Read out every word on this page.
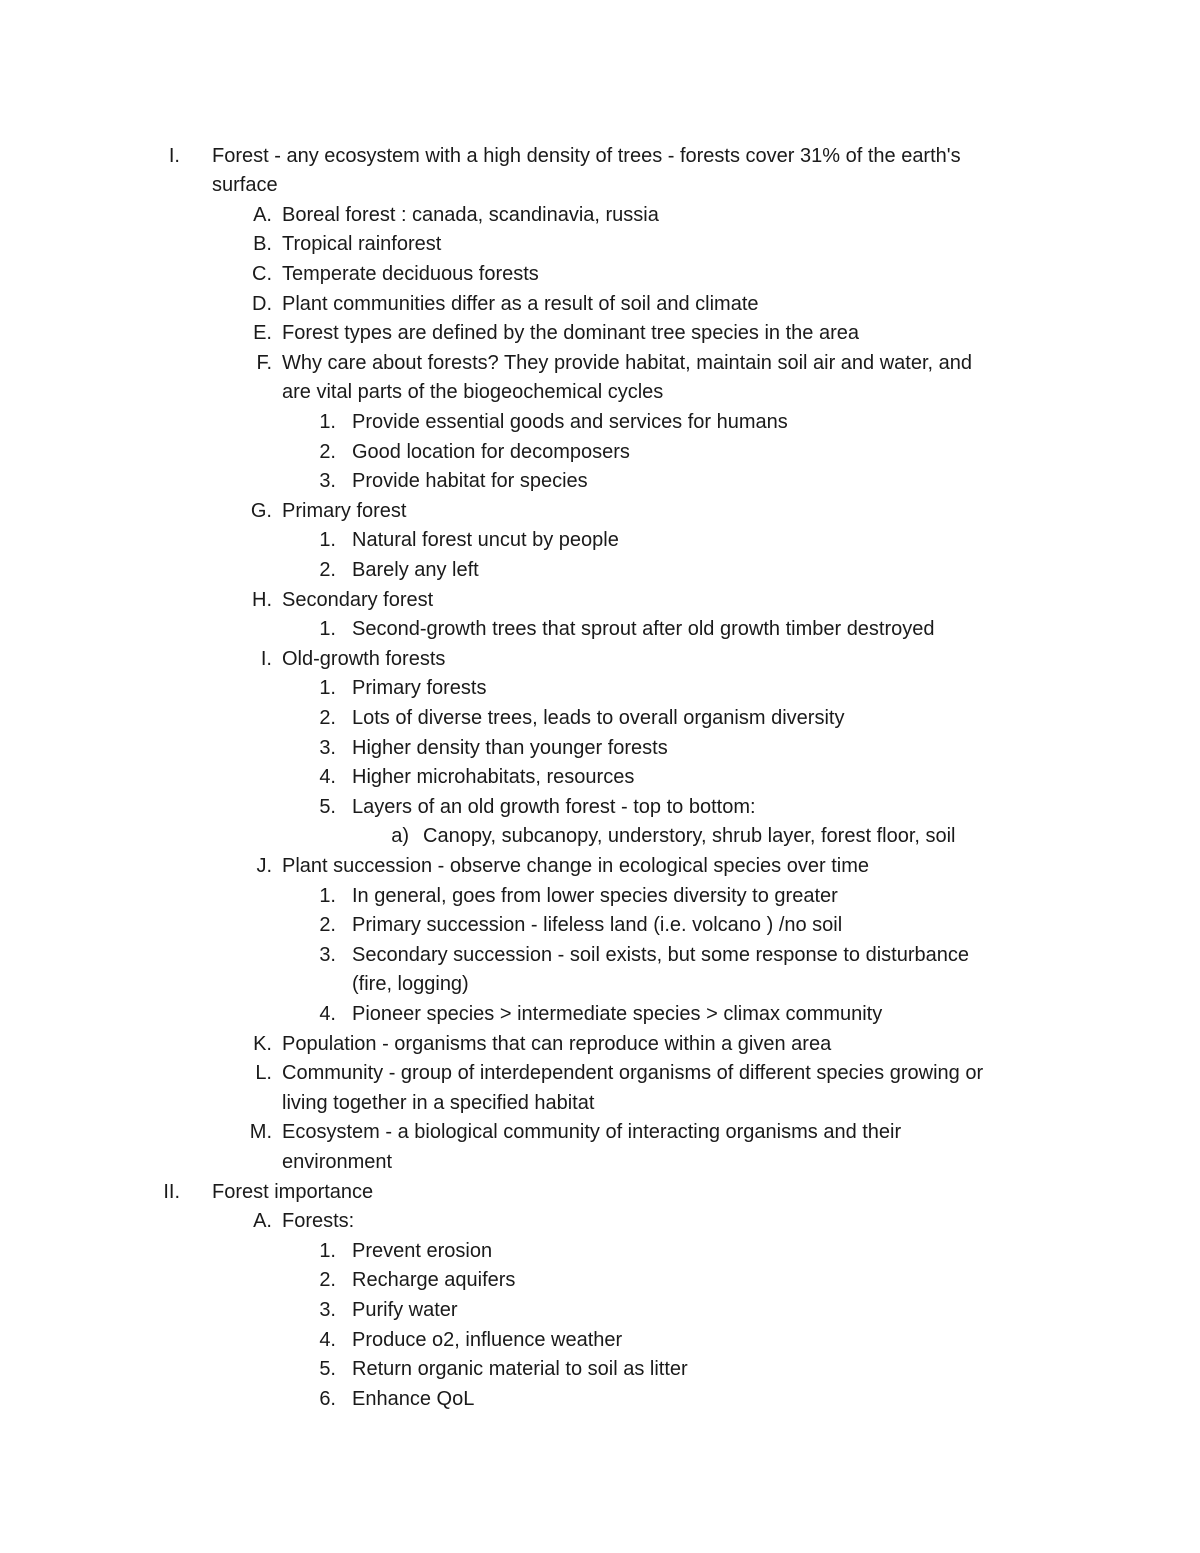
I. Forest - any ecosystem with a high density of trees - forests cover 31% of the earth's
surface
A. Boreal forest : canada, scandinavia, russia
B. Tropical rainforest
C. Temperate deciduous forests
D. Plant communities differ as a result of soil and climate
E. Forest types are defined by the dominant tree species in the area
F. Why care about forests? They provide habitat, maintain soil air and water, and
are vital parts of the biogeochemical cycles
1. Provide essential goods and services for humans
2. Good location for decomposers
3. Provide habitat for species
G. Primary forest
1. Natural forest uncut by people
2. Barely any left
H. Secondary forest
1. Second-growth trees that sprout after old growth timber destroyed
I. Old-growth forests
1. Primary forests
2. Lots of diverse trees, leads to overall organism diversity
3. Higher density than younger forests
4. Higher microhabitats, resources
5. Layers of an old growth forest - top to bottom:
a) Canopy, subcanopy, understory, shrub layer, forest floor, soil
J. Plant succession - observe change in ecological species over time
1. In general, goes from lower species diversity to greater
2. Primary succession - lifeless land (i.e. volcano ) /no soil
3. Secondary succession - soil exists, but some response to disturbance
(fire, logging)
4. Pioneer species > intermediate species > climax community
K. Population - organisms that can reproduce within a given area
L. Community - group of interdependent organisms of different species growing or
living together in a specified habitat
M. Ecosystem - a biological community of interacting organisms and their
environment
II. Forest importance
A. Forests:
1. Prevent erosion
2. Recharge aquifers
3. Purify water
4. Produce o2, influence weather
5. Return organic material to soil as litter
6. Enhance QoL
